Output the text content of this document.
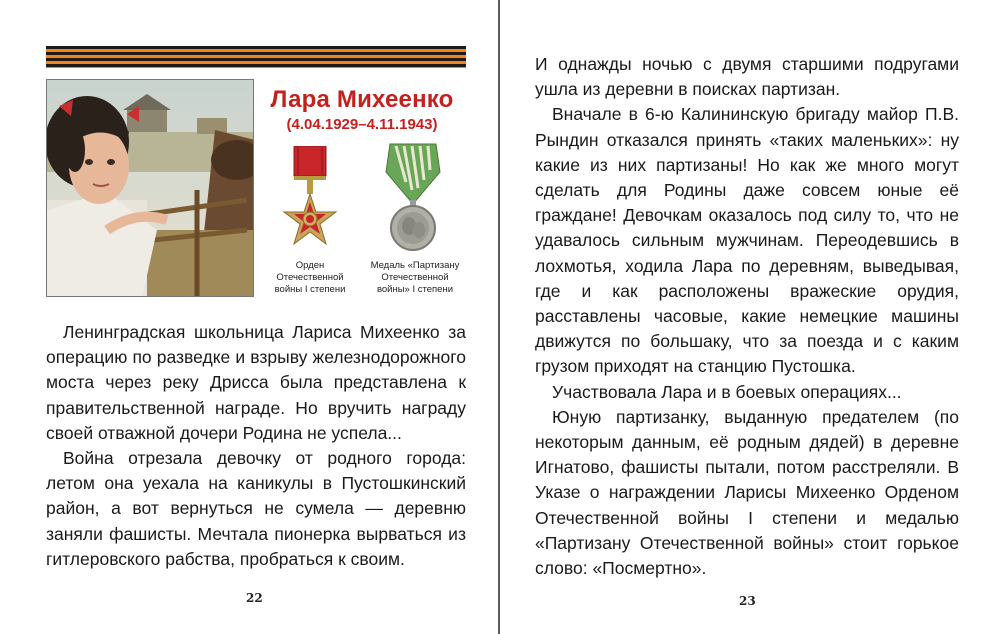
Лара Михеенко
(4.04.1929–4.11.1943)
Орден Отечественной войны I степени
Медаль «Партизану Отечественной войны» I степени

Ленинградская школьница Лариса Михеенко за операцию по разведке и взрыву железнодорожного моста через реку Дрисса была представлена к правительственной награде. Но вручить награду своей отважной дочери Родина не успела...

Война отрезала девочку от родного города: летом она уехала на каникулы в Пустошкинский район, а вот вернуться не сумела — деревню заняли фашисты. Мечтала пионерка вырваться из гитлеровского рабства, пробраться к своим.

22

И однажды ночью с двумя старшими подругами ушла из деревни в поисках партизан.

Вначале в 6-ю Калининскую бригаду майор П.В. Рындин отказался принять «таких маленьких»: ну какие из них партизаны! Но как же много могут сделать для Родины даже совсем юные её граждане! Девочкам оказалось под силу то, что не удавалось сильным мужчинам. Переодевшись в лохмотья, ходила Лара по деревням, выведывая, где и как расположены вражеские орудия, расставлены часовые, какие немецкие машины движутся по большаку, что за поезда и с каким грузом приходят на станцию Пустошка.

Участвовала Лара и в боевых операциях...

Юную партизанку, выданную предателем (по некоторым данным, её родным дядей) в деревне Игнатово, фашисты пытали, потом расстреляли. В Указе о награждении Ларисы Михеенко Орденом Отечественной войны I степени и медалью «Партизану Отечественной войны» стоит горькое слово: «Посмертно».

23
